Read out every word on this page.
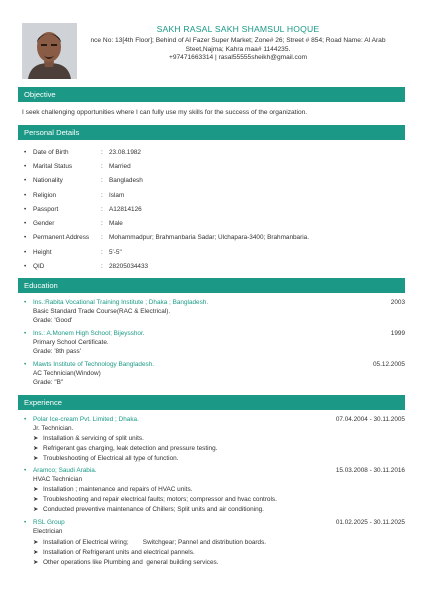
SAKH RASAL SAKH SHAMSUL HOQUE
nce No: 13[4th Floor]; Behind of Al Fazer Super Market; Zone# 26; Street # 854; Road Name: Al Arab
Steet,Najma; Kahra maa# 1144235.
+97471663314 | rasal55555sheikh@gmail.com
Objective
I seek challenging opportunities where I can fully use my skills for the success of the organization.
Personal Details
• Date of Birth	: 23.08.1982
• Marital Status	: Married
• Nationality	: Bangladesh
• Religion	: Islam
• Passport	: A12814126
• Gender	: Male
• Permanent Address : Mohammadpur; Brahmanbaria Sadar; Ulchapara-3400; Brahmanbaria.
• Height	: 5'-5"
• QID	: 28205034433
Education
• Ins.:Rabita Vocational Training Institute ; Dhaka ; Bangladesh.	2003
Basic Standard Trade Course(RAC & Electrical).
Grade: 'Good'
• Ins.: A.Monem High School; Bijeysshor.	1999
Primary School Certificate.
Grade: '8th pass'
• Mawts Institute of Technology Bangladesh.	05.12.2005
AC Technician(Window)
Grade: "B"
Experience
• Polar Ice-cream Pvt. Limited ; Dhaka.	07.04.2004 - 30.11.2005
Jr. Technician.
➤ Installation & servicing of split units.
➤ Refrigerant gas charging, leak detection and pressure testing.
➤ Troubleshooting of Electrical all type of function.
• Aramco; Saudi Arabia.	15.03.2008 - 30.11.2016
HVAC Technician
➤ Installation ; maintenance and repairs of HVAC units.
➤ Troubleshooting and repair electrical faults; motors; compressor and hvac controls.
➤ Conducted preventive maintenance of Chillers; Split units and air conditioning.
• RSL Group	01.02.2025 - 30.11.2025
Electrician
➤ Installation of Electrical wiring;        Switchgear; Pannel and distribution boards.
➤ Installation of Refrigerant units and electrical pannels.
➤ Other operations like Plumbing and  general building services.
